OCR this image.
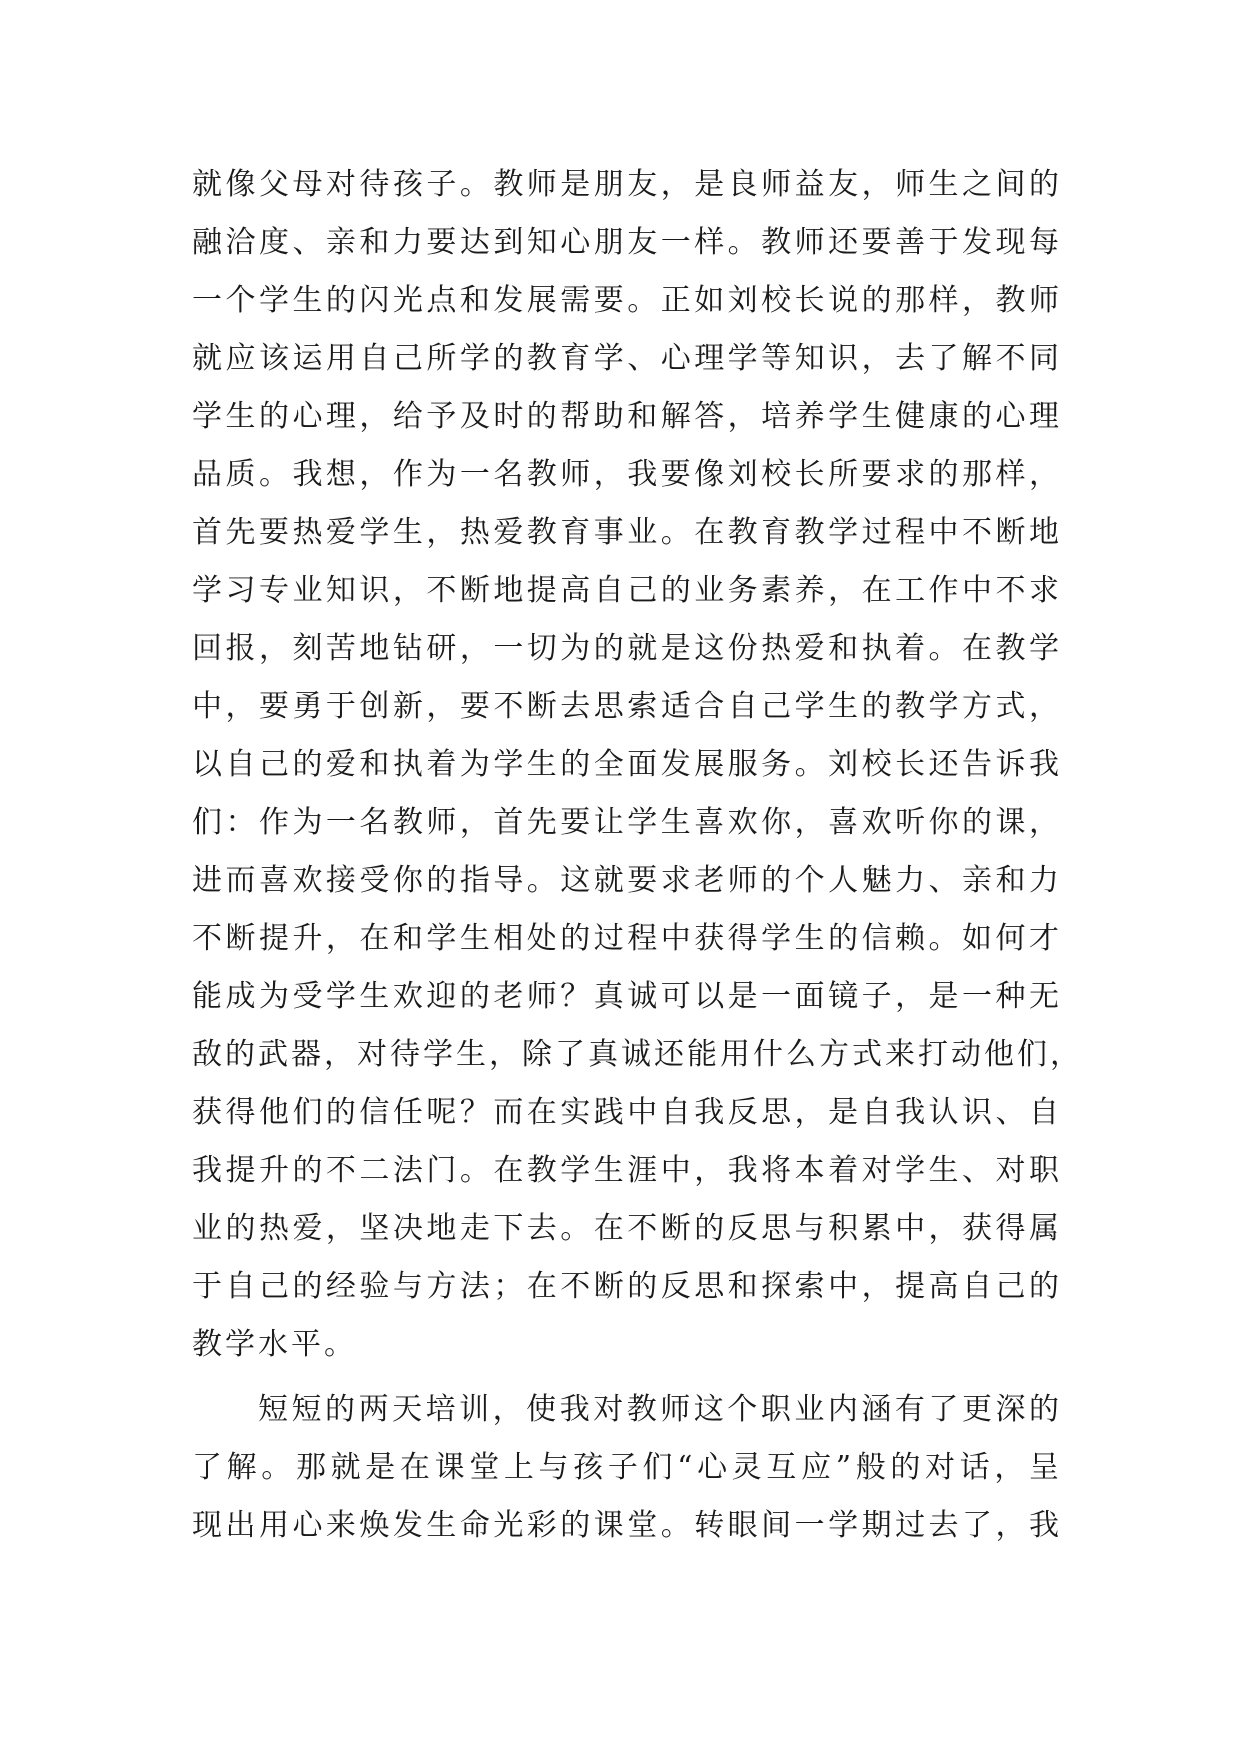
就像父母对待孩子。教师是朋友，是良师益友，师生之间的
融洽度、亲和力要达到知心朋友一样。教师还要善于发现每
一个学生的闪光点和发展需要。正如刘校长说的那样，教师
就应该运用自己所学的教育学、心理学等知识，去了解不同
学生的心理，给予及时的帮助和解答，培养学生健康的心理
品质。我想，作为一名教师，我要像刘校长所要求的那样，
首先要热爱学生，热爱教育事业。在教育教学过程中不断地
学习专业知识，不断地提高自己的业务素养，在工作中不求
回报，刻苦地钻研，一切为的就是这份热爱和执着。在教学
中，要勇于创新，要不断去思索适合自己学生的教学方式，
以自己的爱和执着为学生的全面发展服务。刘校长还告诉我
们：作为一名教师，首先要让学生喜欢你，喜欢听你的课，
进而喜欢接受你的指导。这就要求老师的个人魅力、亲和力
不断提升，在和学生相处的过程中获得学生的信赖。如何才
能成为受学生欢迎的老师？真诚可以是一面镜子，是一种无
敌的武器，对待学生，除了真诚还能用什么方式来打动他们，
获得他们的信任呢？而在实践中自我反思，是自我认识、自
我提升的不二法门。在教学生涯中，我将本着对学生、对职
业的热爱，坚决地走下去。在不断的反思与积累中，获得属
于自己的经验与方法；在不断的反思和探索中，提高自己的
教学水平。
短短的两天培训，使我对教师这个职业内涵有了更深的
了解。那就是在课堂上与孩子们“心灵互应”般的对话，呈
现出用心来焕发生命光彩的课堂。转眼间一学期过去了，我
